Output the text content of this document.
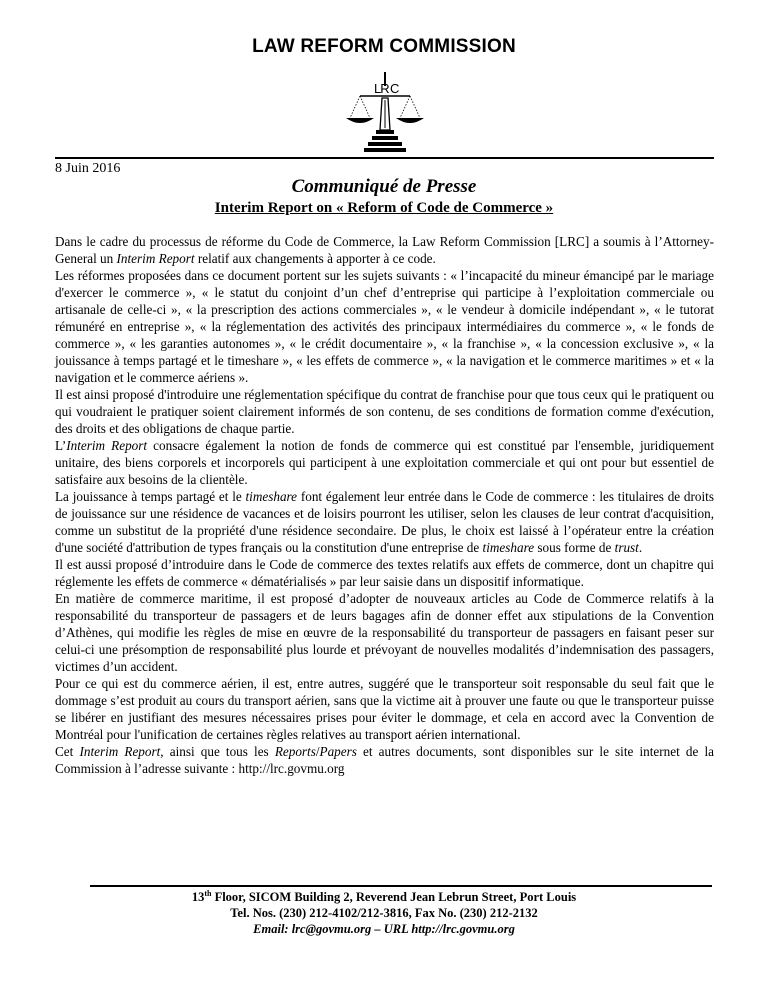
LAW REFORM COMMISSION
L R C
8 Juin 2016
Communiqué de Presse
Interim Report on « Reform of Code de Commerce »

Dans le cadre du processus de réforme du Code de Commerce, la Law Reform Commission [LRC] a soumis à l’Attorney-General un Interim Report relatif aux changements à apporter à ce code.

Les réformes proposées dans ce document portent sur les sujets suivants : « l’incapacité du mineur émancipé par le mariage d'exercer le commerce », « le statut du conjoint d’un chef d’entreprise qui participe à l’exploitation commerciale ou artisanale de celle-ci », « la prescription des actions commerciales », « le vendeur à domicile indépendant », « le tutorat rémunéré en entreprise », « la réglementation des activités des principaux intermédiaires du commerce », « le fonds de commerce », « les garanties autonomes », « le crédit documentaire », « la franchise », « la concession exclusive », « la jouissance à temps partagé et le timeshare », « les effets de commerce », « la navigation et le commerce maritimes » et « la navigation et le commerce aériens ».

Il est ainsi proposé d'introduire une réglementation spécifique du contrat de franchise pour que tous ceux qui le pratiquent ou qui voudraient le pratiquer soient clairement informés de son contenu, de ses conditions de formation comme d'exécution, des droits et des obligations de chaque partie.

L’Interim Report consacre également la notion de fonds de commerce qui est constitué par l'ensemble, juridiquement unitaire, des biens corporels et incorporels qui participent à une exploitation commerciale et qui ont pour but essentiel de satisfaire aux besoins de la clientèle.

La jouissance à temps partagé et le timeshare font également leur entrée dans le Code de commerce : les titulaires de droits de jouissance sur une résidence de vacances et de loisirs pourront les utiliser, selon les clauses de leur contrat d'acquisition, comme un substitut de la propriété d'une résidence secondaire. De plus, le choix est laissé à l’opérateur entre la création d'une société d'attribution de types français ou la constitution d'une entreprise de timeshare sous forme de trust.

Il est aussi proposé d’introduire dans le Code de commerce des textes relatifs aux effets de commerce, dont un chapitre qui réglemente les effets de commerce « dématérialisés » par leur saisie dans un dispositif informatique.

En matière de commerce maritime, il est proposé d’adopter de nouveaux articles au Code de Commerce relatifs à la responsabilité du transporteur de passagers et de leurs bagages afin de donner effet aux stipulations de la Convention d’Athènes, qui modifie les règles de mise en œuvre de la responsabilité du transporteur de passagers en faisant peser sur celui-ci une présomption de responsabilité plus lourde et prévoyant de nouvelles modalités d’indemnisation des passagers, victimes d’un accident.

Pour ce qui est du commerce aérien, il est, entre autres, suggéré que le transporteur soit responsable du seul fait que le dommage s’est produit au cours du transport aérien, sans que la victime ait à prouver une faute ou que le transporteur puisse se libérer en justifiant des mesures nécessaires prises pour éviter le dommage, et cela en accord avec la Convention de Montréal pour l'unification de certaines règles relatives au transport aérien international.

Cet Interim Report, ainsi que tous les Reports/Papers et autres documents, sont disponibles sur le site internet de la Commission à l’adresse suivante : http://lrc.govmu.org

13th Floor, SICOM Building 2, Reverend Jean Lebrun Street, Port Louis
Tel. Nos. (230) 212-4102/212-3816, Fax No. (230) 212-2132
Email: lrc@govmu.org – URL http://lrc.govmu.org
